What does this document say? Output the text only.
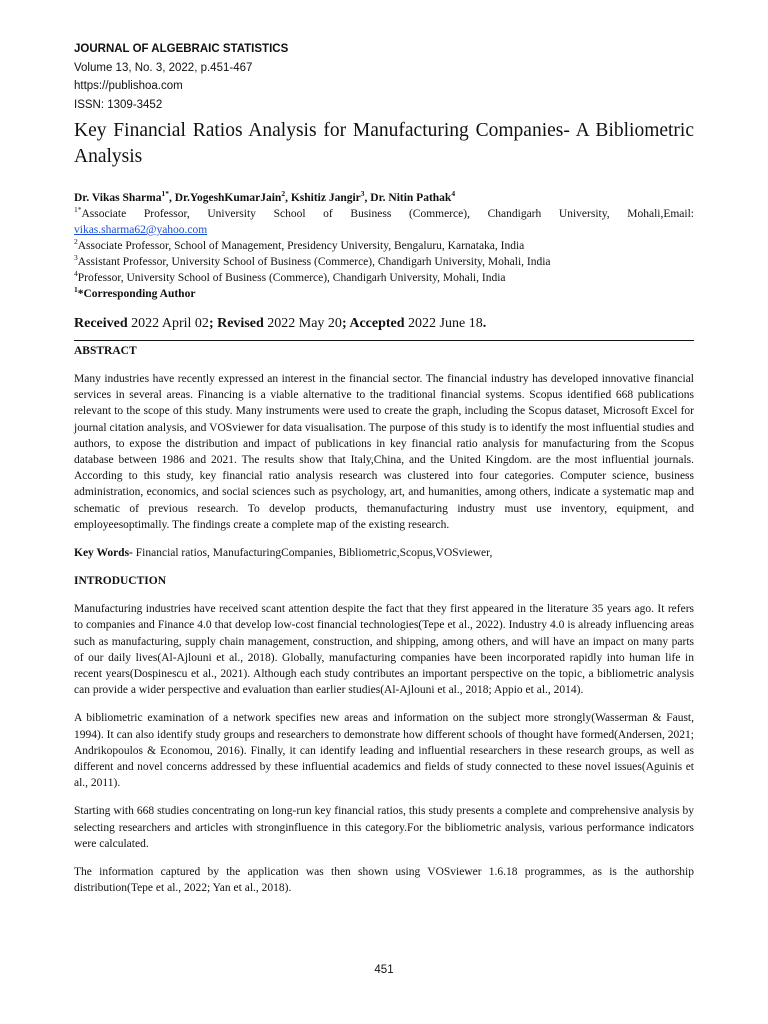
JOURNAL OF ALGEBRAIC STATISTICS
Volume 13, No. 3, 2022, p.451-467
https://publishoa.com
ISSN: 1309-3452
Key Financial Ratios Analysis for Manufacturing Companies- A Bibliometric Analysis
Dr. Vikas Sharma$^{1*}$, Dr.YogeshKumarJain$^2$, Kshitiz Jangir$^3$, Dr. Nitin Pathak$^4$
$^{1*}$Associate Professor, University School of Business (Commerce), Chandigarh University, Mohali,Email:
vikas.sharma62@yahoo.com
$^2$Associate Professor, School of Management, Presidency University, Bengaluru, Karnataka, India
$^3$Assistant Professor, University School of Business (Commerce), Chandigarh University, Mohali, India
$^4$Professor, University School of Business (Commerce), Chandigarh University, Mohali, India
$^1$*Corresponding Author
Received 2022 April 02; Revised 2022 May 20; Accepted 2022 June 18.
ABSTRACT

Many industries have recently expressed an interest in the financial sector. The financial industry has developed innovative financial services in several areas. Financing is a viable alternative to the traditional financial systems. Scopus identified 668 publications relevant to the scope of this study. Many instruments were used to create the graph, including the Scopus dataset, Microsoft Excel for journal citation analysis, and VOSviewer for data visualisation. The purpose of this study is to identify the most influential studies and authors, to expose the distribution and impact of publications in key financial ratio analysis for manufacturing from the Scopus database between 1986 and 2021. The results show that Italy,China, and the United Kingdom. are the most influential journals. According to this study, key financial ratio analysis research was clustered into four categories. Computer science, business administration, economics, and social sciences such as psychology, art, and humanities, among others, indicate a systematic map and schematic of previous research. To develop products, themanufacturing industry must use inventory, equipment, and employeesoptimally. The findings create a complete map of the existing research.

Key Words- Financial ratios, ManufacturingCompanies, Bibliometric,Scopus,VOSviewer,
INTRODUCTION

Manufacturing industries have received scant attention despite the fact that they first appeared in the literature 35 years ago. It refers to companies and Finance 4.0 that develop low-cost financial technologies(Tepe et al., 2022). Industry 4.0 is already influencing areas such as manufacturing, supply chain management, construction, and shipping, among others, and will have an impact on many parts of our daily lives(Al-Ajlouni et al., 2018). Globally, manufacturing companies have been incorporated rapidly into human life in recent years(Dospinescu et al., 2021). Although each study contributes an important perspective on the topic, a bibliometric analysis can provide a wider perspective and evaluation than earlier studies(Al-Ajlouni et al., 2018; Appio et al., 2014).

A bibliometric examination of a network specifies new areas and information on the subject more strongly(Wasserman & Faust, 1994). It can also identify study groups and researchers to demonstrate how different schools of thought have formed(Andersen, 2021; Andrikopoulos & Economou, 2016). Finally, it can identify leading and influential researchers in these research groups, as well as different and novel concerns addressed by these influential academics and fields of study connected to these novel issues(Aguinis et al., 2011).

Starting with 668 studies concentrating on long-run key financial ratios, this study presents a complete and comprehensive analysis by selecting researchers and articles with stronginfluence in this category.For the bibliometric analysis, various performance indicators were calculated.

The information captured by the application was then shown using VOSviewer 1.6.18 programmes, as is the authorship distribution(Tepe et al., 2022; Yan et al., 2018).

451
